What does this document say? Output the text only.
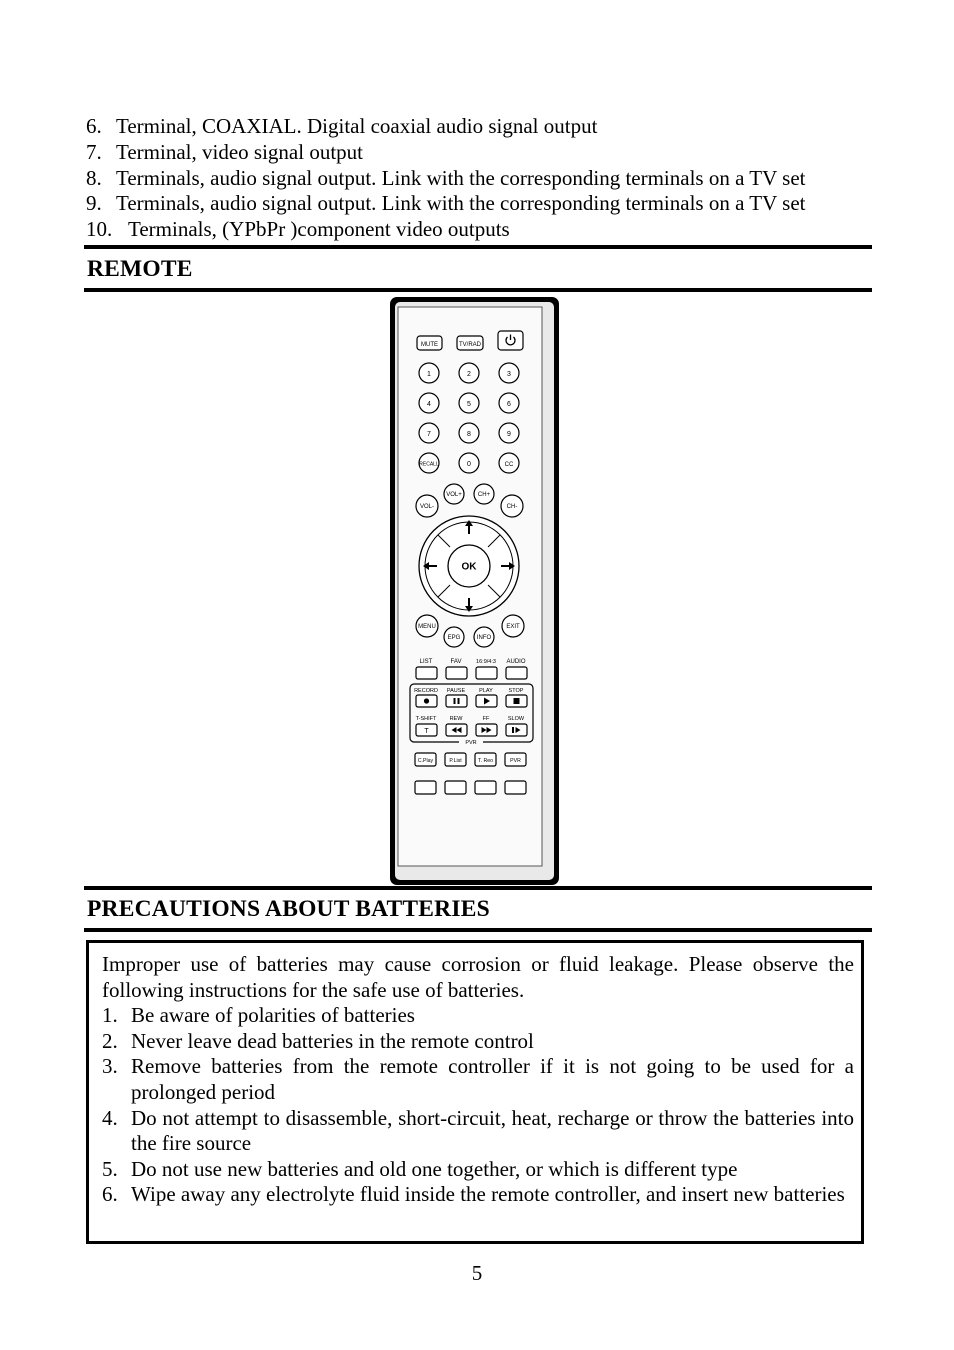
6. Terminal, COAXIAL. Digital coaxial audio signal output
7. Terminal, video signal output
8. Terminals, audio signal output. Link with the corresponding terminals on a TV set
9. Terminals, audio signal output. Link with the corresponding terminals on a TV set
10. Terminals, (YPbPr )component video outputs
REMOTE
MUTE	TV/RAD
1	2	3
4	5	6
7	8	9
RECALL	0	CC
VOL-
VOL+	CH+
CH-
OK
MENU
EPG	INFO
EXIT
LIST	FAV	16:9/4:3 AUDIO
RECORD PAUSE	PLAY	STOP
T-SHIFT REW	FF	SLOW
T
PVR
C.Play	P.List	T. Reo	PVR
PRECAUTIONS ABOUT BATTERIES
Improper use of batteries may cause corrosion or fluid leakage. Please observe the following instructions for the safe use of batteries.
1. Be aware of polarities of batteries
2. Never leave dead batteries in the remote control
3. Remove batteries from the remote controller if it is not going to be used for a prolonged period
4. Do not attempt to disassemble, short-circuit, heat, recharge or throw the batteries into the fire source
5. Do not use new batteries and old one together, or which is different type
6. Wipe away any electrolyte fluid inside the remote controller, and insert new batteries
5
